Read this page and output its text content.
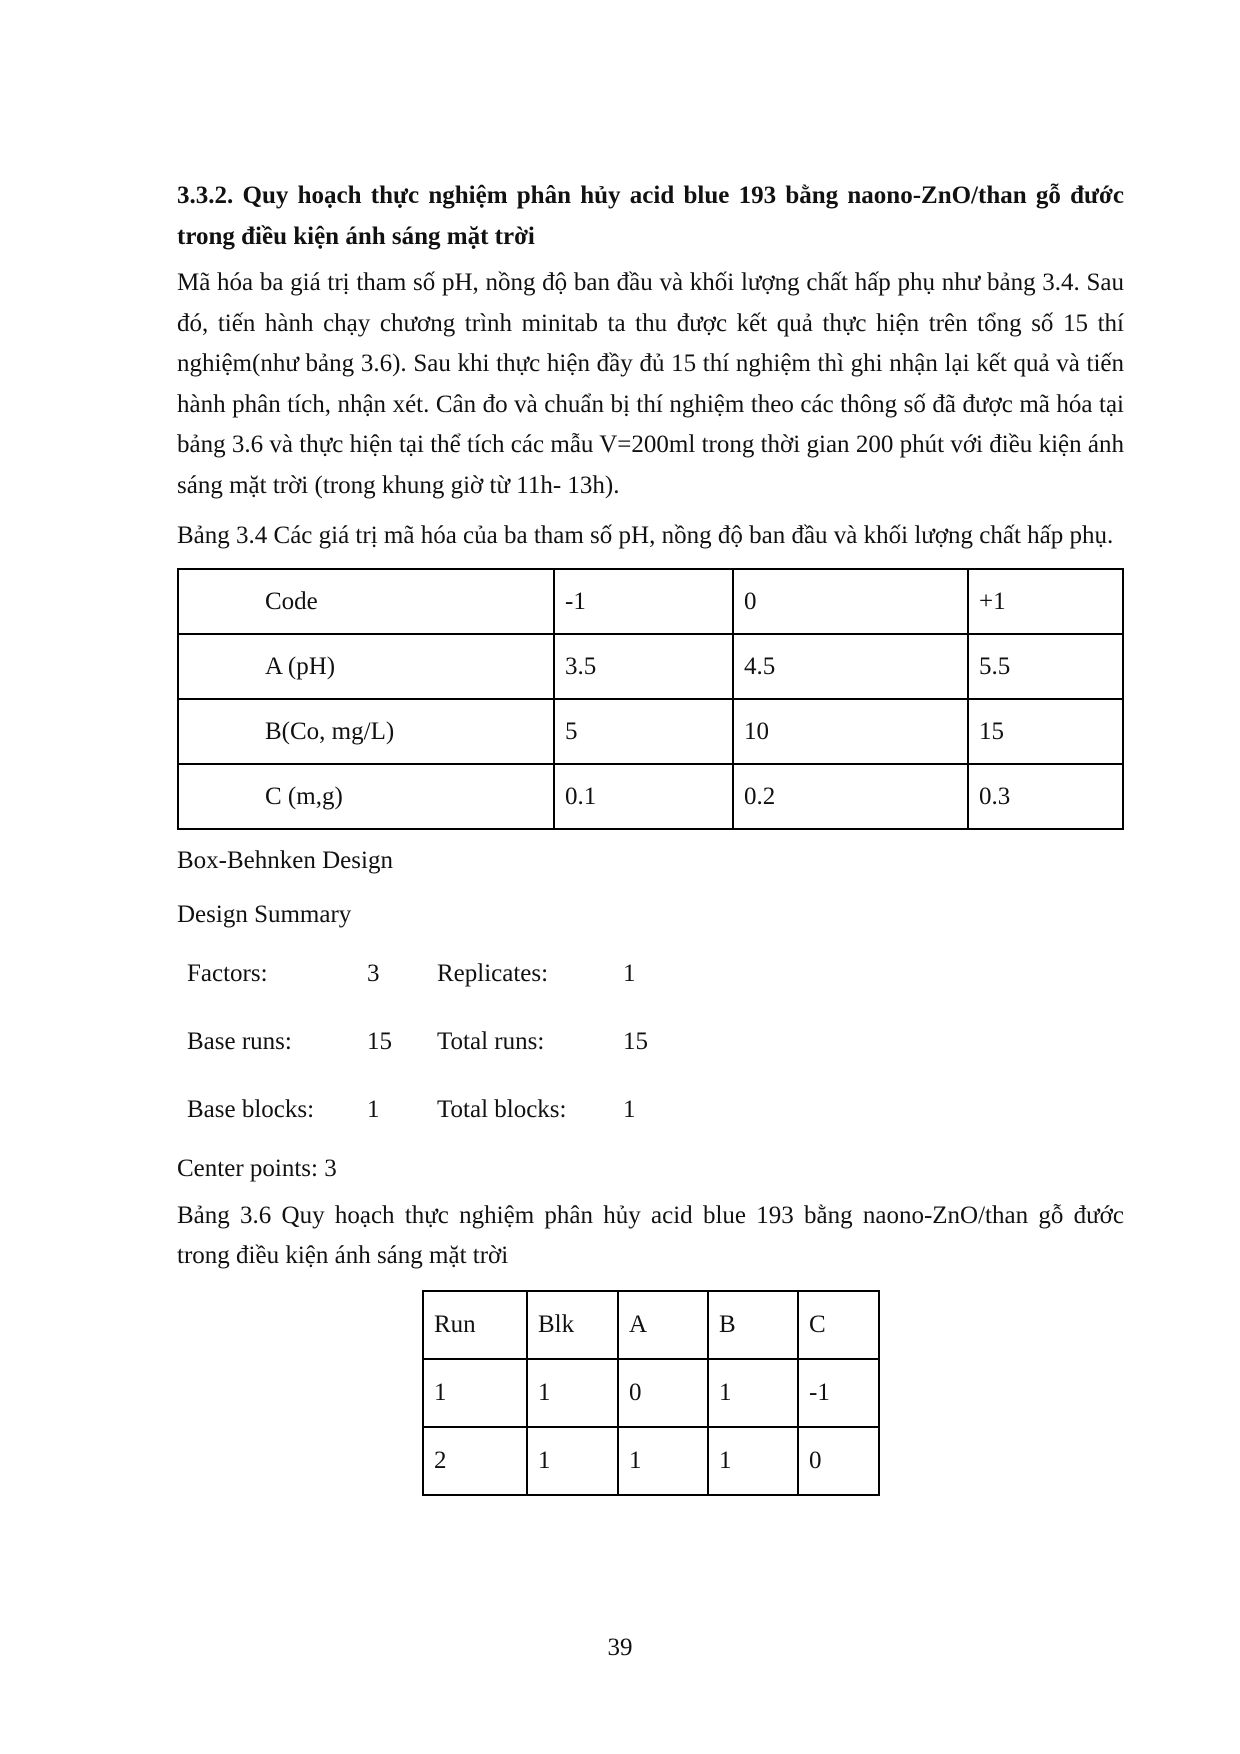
3.3.2. Quy hoạch thực nghiệm phân hủy acid blue 193 bằng naono-ZnO/than gỗ đước trong điều kiện ánh sáng mặt trời

Mã hóa ba giá trị tham số pH, nồng độ ban đầu và khối lượng chất hấp phụ như bảng 3.4. Sau đó, tiến hành chạy chương trình minitab ta thu được kết quả thực hiện trên tổng số 15 thí nghiệm(như bảng 3.6). Sau khi thực hiện đầy đủ 15 thí nghiệm thì ghi nhận lại kết quả và tiến hành phân tích, nhận xét. Cân đo và chuẩn bị thí nghiệm theo các thông số đã được mã hóa tại bảng 3.6 và thực hiện tại thể tích các mẫu V=200ml trong thời gian 200 phút với điều kiện ánh sáng mặt trời (trong khung giờ từ 11h- 13h).

Bảng 3.4 Các giá trị mã hóa của ba tham số pH, nồng độ ban đầu và khối lượng chất hấp phụ.

Code	-1	0	+1
A (pH)	3.5	4.5	5.5
B(Co, mg/L)	5	10	15
C (m,g)	0.1	0.2	0.3

Box-Behnken Design

Design Summary

Factors:	3	Replicates:	1
Base runs:	15	Total runs:	15
Base blocks:	1	Total blocks:	1

Center points: 3

Bảng 3.6 Quy hoạch thực nghiệm phân hủy acid blue 193 bằng naono-ZnO/than gỗ đước trong điều kiện ánh sáng mặt trời

Run	Blk	A	B	C
1	1	0	1	-1
2	1	1	1	0
39
